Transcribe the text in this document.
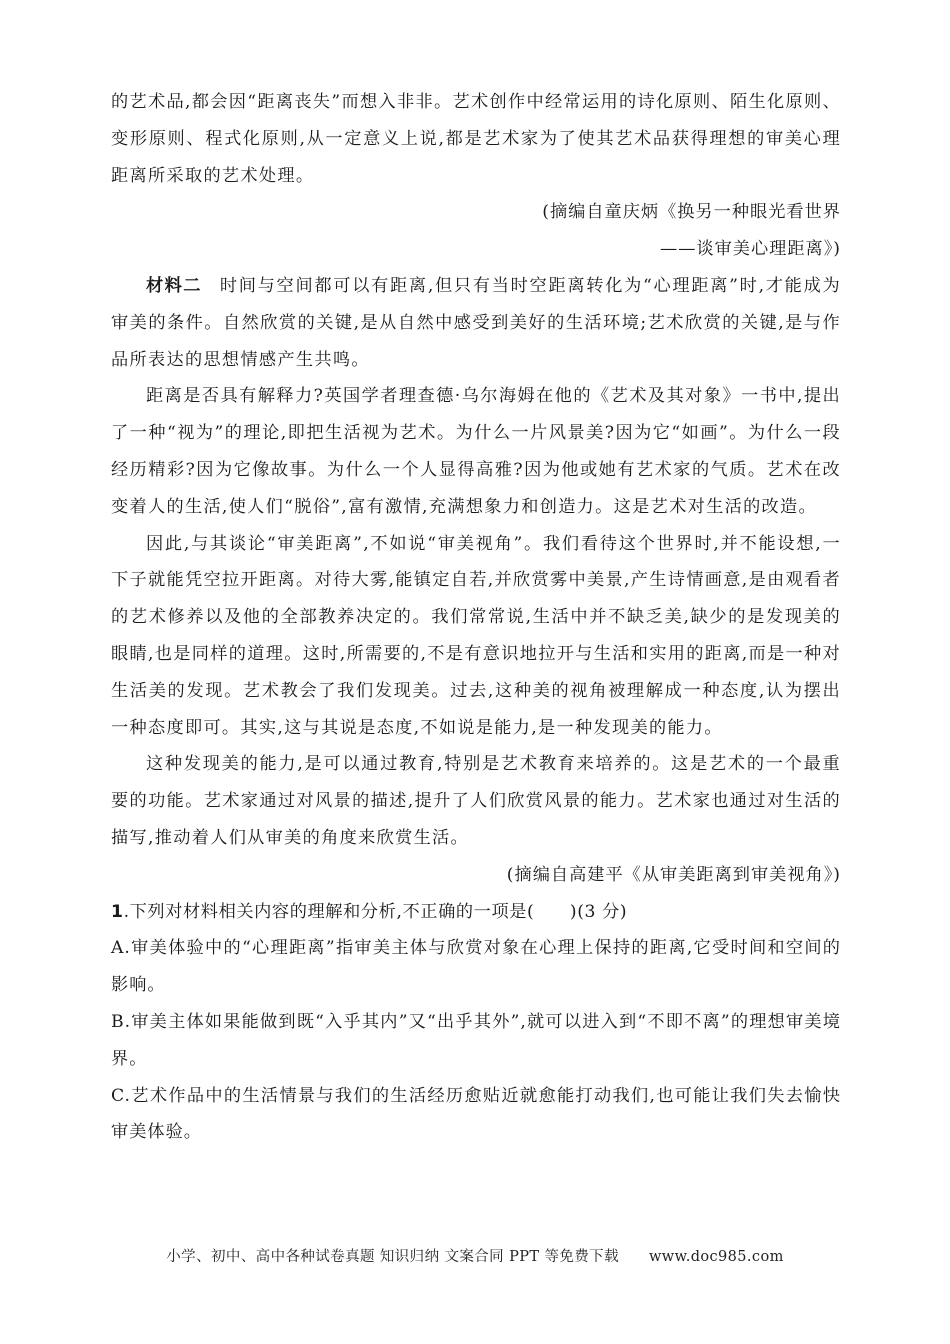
的艺术品,都会因“距离丧失”而想入非非。艺术创作中经常运用的诗化原则、陌生化原则、变形原则、程式化原则,从一定意义上说,都是艺术家为了使其艺术品获得理想的审美心理距离所采取的艺术处理。

(摘编自童庆炳《换另一种眼光看世界

——谈审美心理距离》)

材料二 时间与空间都可以有距离,但只有当时空距离转化为“心理距离”时,才能成为审美的条件。自然欣赏的关键,是从自然中感受到美好的生活环境;艺术欣赏的关键,是与作品所表达的思想情感产生共鸣。

距离是否具有解释力?英国学者理查德·乌尔海姆在他的《艺术及其对象》一书中,提出了一种“视为”的理论,即把生活视为艺术。为什么一片风景美?因为它“如画”。为什么一段经历精彩?因为它像故事。为什么一个人显得高雅?因为他或她有艺术家的气质。艺术在改变着人的生活,使人们“脱俗”,富有激情,充满想象力和创造力。这是艺术对生活的改造。

因此,与其谈论“审美距离”,不如说“审美视角”。我们看待这个世界时,并不能设想,一下子就能凭空拉开距离。对待大雾,能镇定自若,并欣赏雾中美景,产生诗情画意,是由观看者的艺术修养以及他的全部教养决定的。我们常常说,生活中并不缺乏美,缺少的是发现美的眼睛,也是同样的道理。这时,所需要的,不是有意识地拉开与生活和实用的距离,而是一种对生活美的发现。艺术教会了我们发现美。过去,这种美的视角被理解成一种态度,认为摆出一种态度即可。其实,这与其说是态度,不如说是能力,是一种发现美的能力。

这种发现美的能力,是可以通过教育,特别是艺术教育来培养的。这是艺术的一个最重要的功能。艺术家通过对风景的描述,提升了人们欣赏风景的能力。艺术家也通过对生活的描写,推动着人们从审美的角度来欣赏生活。

(摘编自高建平《从审美距离到审美视角》)

1.下列对材料相关内容的理解和分析,不正确的一项是(　　)(3 分)

A.审美体验中的“心理距离”指审美主体与欣赏对象在心理上保持的距离,它受时间和空间的影响。

B.审美主体如果能做到既“入乎其内”又“出乎其外”,就可以进入到“不即不离”的理想审美境界。

C.艺术作品中的生活情景与我们的生活经历愈贴近就愈能打动我们,也可能让我们失去愉快审美体验。

小学、初中、高中各种试卷真题 知识归纳 文案合同 PPT 等免费下载 www.doc985.com
